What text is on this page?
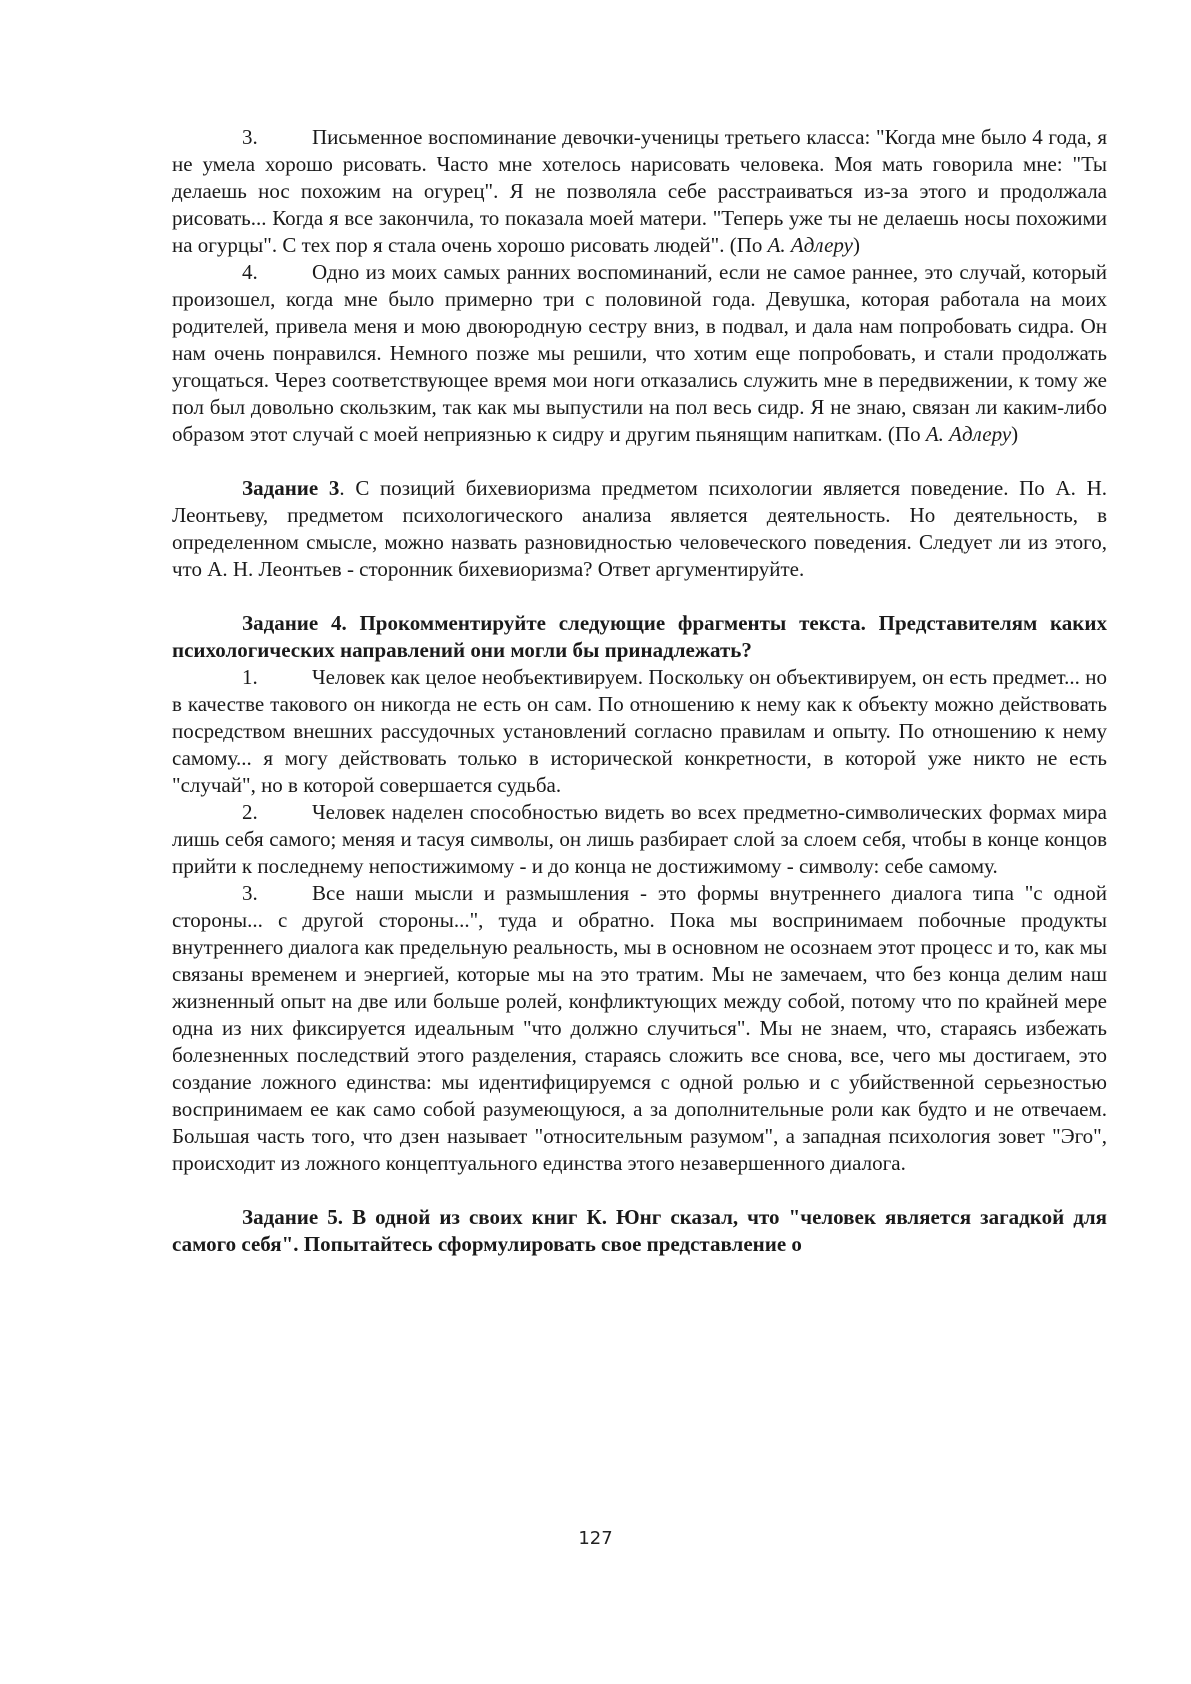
3.	Письменное воспоминание девочки-ученицы третьего класса: "Когда мне было 4 года, я не умела хорошо рисовать. Часто мне хотелось нарисовать человека. Моя мать говорила мне: "Ты делаешь нос похожим на огурец". Я не позволяла себе расстраиваться из-за этого и продолжала рисовать... Когда я все закончила, то показала моей матери. "Теперь уже ты не делаешь носы похожими на огурцы". С тех пор я стала очень хорошо рисовать людей". (По А. Адлеру)

4.	Одно из моих самых ранних воспоминаний, если не самое раннее, это случай, который произошел, когда мне было примерно три с половиной года. Девушка, которая работала на моих родителей, привела меня и мою двоюродную сестру вниз, в подвал, и дала нам попробовать сидра. Он нам очень понравился. Немного позже мы решили, что хотим еще попробовать, и стали продолжать угощаться. Через соответствующее время мои ноги отказались служить мне в передвижении, к тому же пол был довольно скользким, так как мы выпустили на пол весь сидр. Я не знаю, связан ли каким-либо образом этот случай с моей неприязнью к сидру и другим пьянящим напиткам. (По А. Адлеру)

Задание 3. С позиций бихевиоризма предметом психологии является поведение. По А. Н. Леонтьеву, предметом психологического анализа является деятельность. Но деятельность, в определенном смысле, можно назвать разновидностью человеческого поведения. Следует ли из этого, что А. Н. Леонтьев - сторонник бихевиоризма? Ответ аргументируйте.

Задание 4. Прокомментируйте следующие фрагменты текста. Представителям каких психологических направлений они могли бы принадлежать?

1.	Человек как целое необъективируем. Поскольку он объективируем, он есть предмет... но в качестве такового он никогда не есть он сам. По отношению к нему как к объекту можно действовать посредством внешних рассудочных установлений согласно правилам и опыту. По отношению к нему самому... я могу действовать только в исторической конкретности, в которой уже никто не есть "случай", но в которой совершается судьба.

2.	Человек наделен способностью видеть во всех предметно-символических формах мира лишь себя самого; меняя и тасуя символы, он лишь разбирает слой за слоем себя, чтобы в конце концов прийти к последнему непостижимому - и до конца не достижимому - символу: себе самому.

3.	Все наши мысли и размышления - это формы внутреннего диалога типа "с одной стороны... с другой стороны...", туда и обратно. Пока мы воспринимаем побочные продукты внутреннего диалога как предельную реальность, мы в основном не осознаем этот процесс и то, как мы связаны временем и энергией, которые мы на это тратим. Мы не замечаем, что без конца делим наш жизненный опыт на две или больше ролей, конфликтующих между собой, потому что по крайней мере одна из них фиксируется идеальным "что должно случиться". Мы не знаем, что, стараясь избежать болезненных последствий этого разделения, стараясь сложить все снова, все, чего мы достигаем, это создание ложного единства: мы идентифицируемся с одной ролью и с убийственной серьезностью воспринимаем ее как само собой разумеющуюся, а за дополнительные роли как будто и не отвечаем. Большая часть того, что дзен называет "относительным разумом", а западная психология зовет "Эго", происходит из ложного концептуального единства этого незавершенного диалога.

Задание 5. В одной из своих книг К. Юнг сказал, что "человек является загадкой для самого себя". Попытайтесь сформулировать свое представление о

127
